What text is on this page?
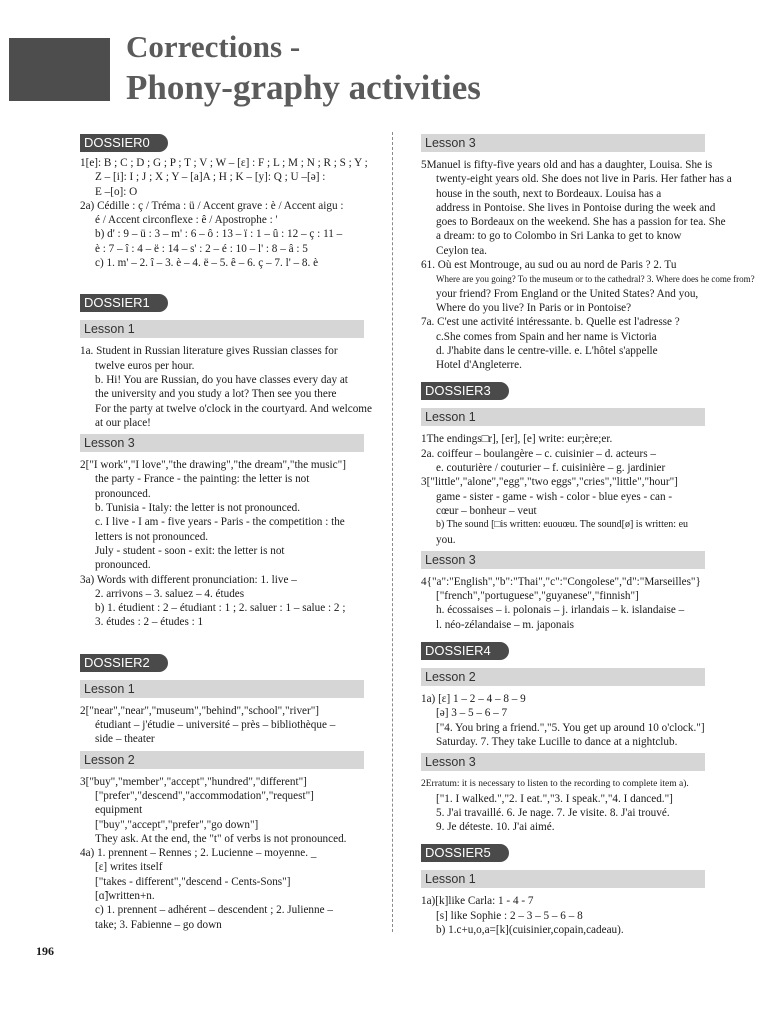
Corrections -
Phony-graphy activities
DOSSIER0

1[e]: B ; C ; D ; G ; P ; T ; V ; W – [ɛ] : F ; L ; M ; N ; R ; S ; Y ;

Z – [i]: I ; J ; X ; Y – [a]A ; H ; K – [y]: Q ; U –[ə] :

E –[o]: O

2a) Cédille : ç / Tréma : ü / Accent grave : è / Accent aigu :

é / Accent circonflexe : ê / Apostrophe : '

b) d' : 9 – ü : 3 – m' : 6 – ô : 13 – ï : 1 – û : 12 – ç : 11 –

è : 7 – î : 4 – ë : 14 – s' : 2 – é : 10 – l' : 8 – â : 5

c) 1. m' – 2. î – 3. è – 4. ë – 5. ê – 6. ç – 7. l' – 8. è

DOSSIER1
Lesson 1

1a. Student in Russian literature gives Russian classes for

twelve euros per hour.

b. Hi! You are Russian, do you have classes every day at

the university and you study a lot? Then see you there

For the party at twelve o'clock in the courtyard. And welcome

at our place!

Lesson 3

2["I work","I love","the drawing","the dream","the music"]

the party - France - the painting: the letter is not

pronounced.

b. Tunisia - Italy: the letter is not pronounced.

c. I live - I am - five years - Paris - the competition : the

letters is not pronounced.

July - student - soon - exit: the letter is not

pronounced.

3a) Words with different pronunciation: 1. live –

2. arrivons – 3. saluez – 4. études

b) 1. étudient : 2 – étudiant : 1 ; 2. saluer : 1 – salue : 2 ;

3. études : 2 – études : 1

DOSSIER2
Lesson 1

2["near","near","museum","behind","school","river"]

étudiant – j'étudie – université – près – bibliothèque –

side – theater

Lesson 2

3["buy","member","accept","hundred","different"]

["prefer","descend","accommodation","request"]

equipment

["buy","accept","prefer","go down"]

They ask. At the end, the "t" of verbs is not pronounced.

4a) 1. prennent – Rennes ; 2. Lucienne – moyenne. _

[ɛ] writes itself

["takes - different","descend - Cents-Sons"]

[ɑ̃]written+n.

c) 1. prennent – adhérent – descendent ; 2. Julienne –

take; 3. Fabienne – go down

Lesson 3

5Manuel is fifty-five years old and has a daughter, Louisa. She is

twenty-eight years old. She does not live in Paris. Her father has a

house in the south, next to Bordeaux. Louisa has a

address in Pontoise. She lives in Pontoise during the week and

goes to Bordeaux on the weekend. She has a passion for tea. She

a dream: to go to Colombo in Sri Lanka to get to know

Ceylon tea.

61. Où est Montrouge, au sud ou au nord de Paris ? 2. Tu

Where are you going? To the museum or to the cathedral? 3. Where does he come from?

your friend? From England or the United States? And you,

Where do you live? In Paris or in Pontoise?

7a. C'est une activité intéressante. b. Quelle est l'adresse ?

c.She comes from Spain and her name is Victoria

d. J'habite dans le centre-ville. e. L'hôtel s'appelle

Hotel d'Angleterre.

DOSSIER3
Lesson 1

1The endings□r], [er], [e] write: eur;ère;er.

2a. coiffeur – boulangère – c. cuisinier – d. acteurs –

e. couturière / couturier – f. cuisinière – g. jardinier

3["little","alone","egg","two eggs","cries","little","hour"]

game - sister - game - wish - color - blue eyes - can -

cœur – bonheur – veut

b) The sound [□is written: euouœu. The sound[ø] is written: eu

you.

Lesson 3

4{"a":"English","b":"Thai","c":"Congolese","d":"Marseilles"}

["french","portuguese","guyanese","finnish"]

h. écossaises – i. polonais – j. irlandais – k. islandaise –

l. néo-zélandaise – m. japonais

DOSSIER4
Lesson 2

1a) [ɛ] 1 – 2 – 4 – 8 – 9

[ə] 3 – 5 – 6 – 7

["4. You bring a friend.","5. You get up around 10 o'clock."]

Saturday. 7. They take Lucille to dance at a nightclub.

Lesson 3

2Erratum: it is necessary to listen to the recording to complete item a).

["1. I walked.","2. I eat.","3. I speak.","4. I danced."]

5. J'ai travaillé. 6. Je nage. 7. Je visite. 8. J'ai trouvé.

9. Je déteste. 10. J'ai aimé.

DOSSIER5
Lesson 1

1a)[k]like Carla: 1 - 4 - 7

[s] like Sophie : 2 – 3 – 5 – 6 – 8

b) 1.c+u,o,a=[k](cuisinier,copain,cadeau).

196
